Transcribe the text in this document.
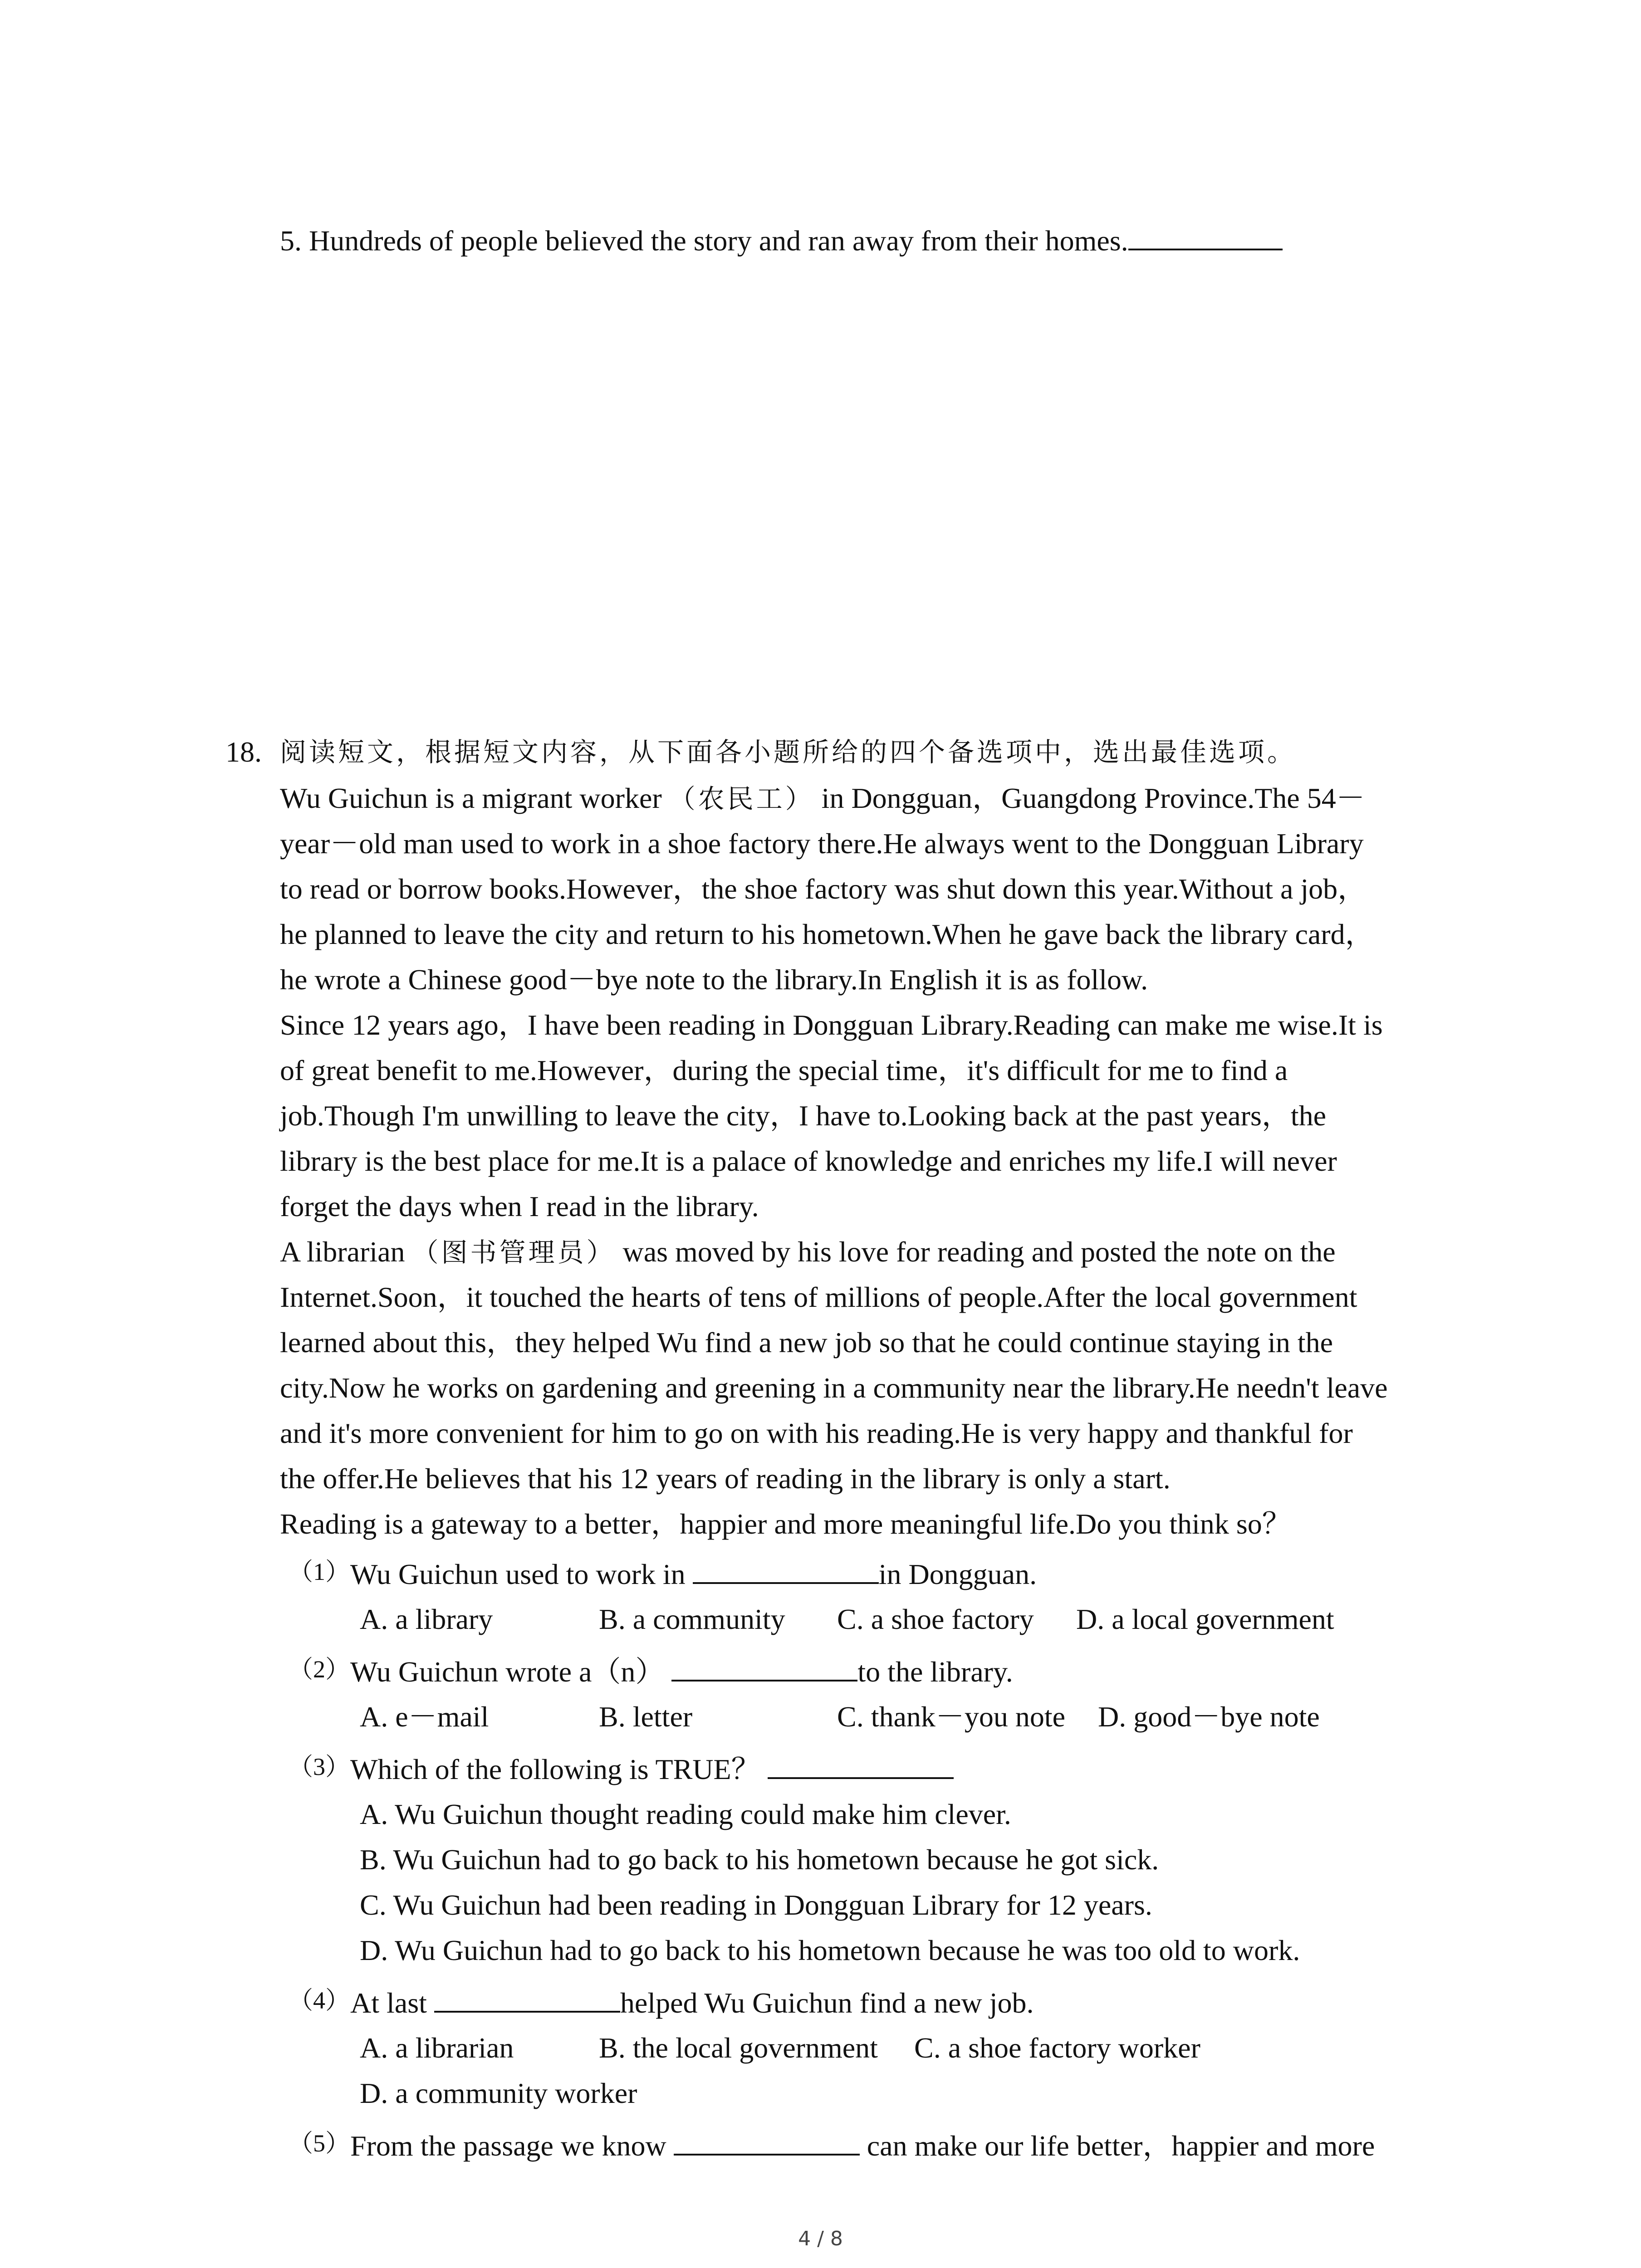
5. Hundreds of people believed the story and ran away from their homes.
18. 阅读短文，根据短文内容，从下面各小题所给的四个备选项中，选出最佳选项。
Wu Guichun is a migrant worker （农民工） in Dongguan，Guangdong Province.The 54－
year－old man used to work in a shoe factory there.He always went to the Dongguan Library
to read or borrow books.However，the shoe factory was shut down this year.Without a job，
he planned to leave the city and return to his hometown.When he gave back the library card，
he wrote a Chinese good－bye note to the library.In English it is as follow.
Since 12 years ago，I have been reading in Dongguan Library.Reading can make me wise.It is
of great benefit to me.However，during the special time，it's difficult for me to find a
job.Though I'm unwilling to leave the city，I have to.Looking back at the past years，the
library is the best place for me.It is a palace of knowledge and enriches my life.I will never
forget the days when I read in the library.
A librarian （图书管理员） was moved by his love for reading and posted the note on the
Internet.Soon，it touched the hearts of tens of millions of people.After the local government
learned about this，they helped Wu find a new job so that he could continue staying in the
city.Now he works on gardening and greening in a community near the library.He needn't leave
and it's more convenient for him to go on with his reading.He is very happy and thankful for
the offer.He believes that his 12 years of reading in the library is only a start.
Reading is a gateway to a better，happier and more meaningful life.Do you think so？
（1） Wu Guichun used to work in	in Dongguan.
A. a library	B. a community C. a shoe factory D. a local government
（2） Wu Guichun wrote a（n）	to the library.
A. e－mail	B. letter	C. thank－you note D. good－bye note
（3） Which of the following is TRUE？
A. Wu Guichun thought reading could make him clever.
B. Wu Guichun had to go back to his hometown because he got sick.
C. Wu Guichun had been reading in Dongguan Library for 12 years.
D. Wu Guichun had to go back to his hometown because he was too old to work.
（4） At last	helped Wu Guichun find a new job.
A. a librarian	B. the local government C. a shoe factory worker
D. a community worker
（5） From the passage we know	can make our life better，happier and more
4 / 8
